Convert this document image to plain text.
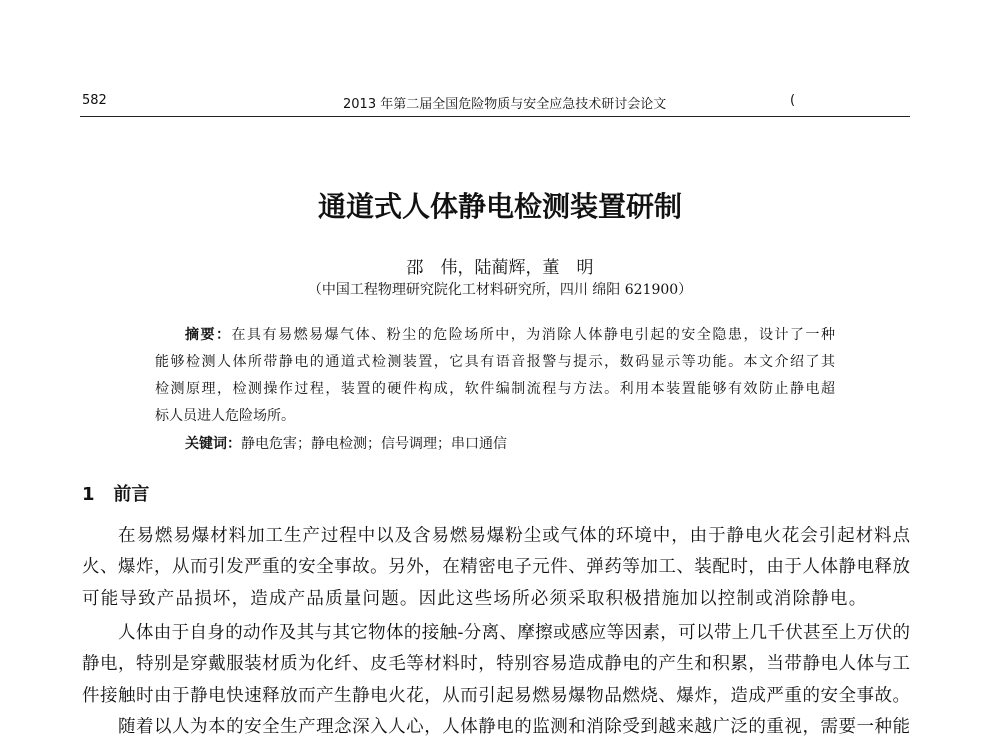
582	2013 年第二届全国危险物质与安全应急技术研讨会论文	(
通道式人体静电检测装置研制
邵　伟，陆蔺辉，董　明
（中国工程物理研究院化工材料研究所，四川 绵阳 621900）
摘要：在具有易燃易爆气体、粉尘的危险场所中，为消除人体静电引起的安全隐患，设计了一种
能够检测人体所带静电的通道式检测装置，它具有语音报警与提示，数码显示等功能。本文介绍了其
检测原理，检测操作过程，装置的硬件构成，软件编制流程与方法。利用本装置能够有效防止静电超
标人员进人危险场所。
关键词：静电危害；静电检测；信号调理；串口通信
1 前言
在易燃易爆材料加工生产过程中以及含易燃易爆粉尘或气体的环境中，由于静电火花会引起材料点
火、爆炸，从而引发严重的安全事故。另外，在精密电子元件、弹药等加工、装配时，由于人体静电释放
可能导致产品损坏，造成产品质量问题。因此这些场所必须采取积极措施加以控制或消除静电。
人体由于自身的动作及其与其它物体的接触-分离、摩擦或感应等因素，可以带上几千伏甚至上万伏的
静电，特别是穿戴服装材质为化纤、皮毛等材料时，特别容易造成静电的产生和积累，当带静电人体与工
件接触时由于静电快速释放而产生静电火花，从而引起易燃易爆物品燃烧、爆炸，造成严重的安全事故。
随着以人为本的安全生产理念深入人心，人体静电的监测和消除受到越来越广泛的重视，需要一种能
